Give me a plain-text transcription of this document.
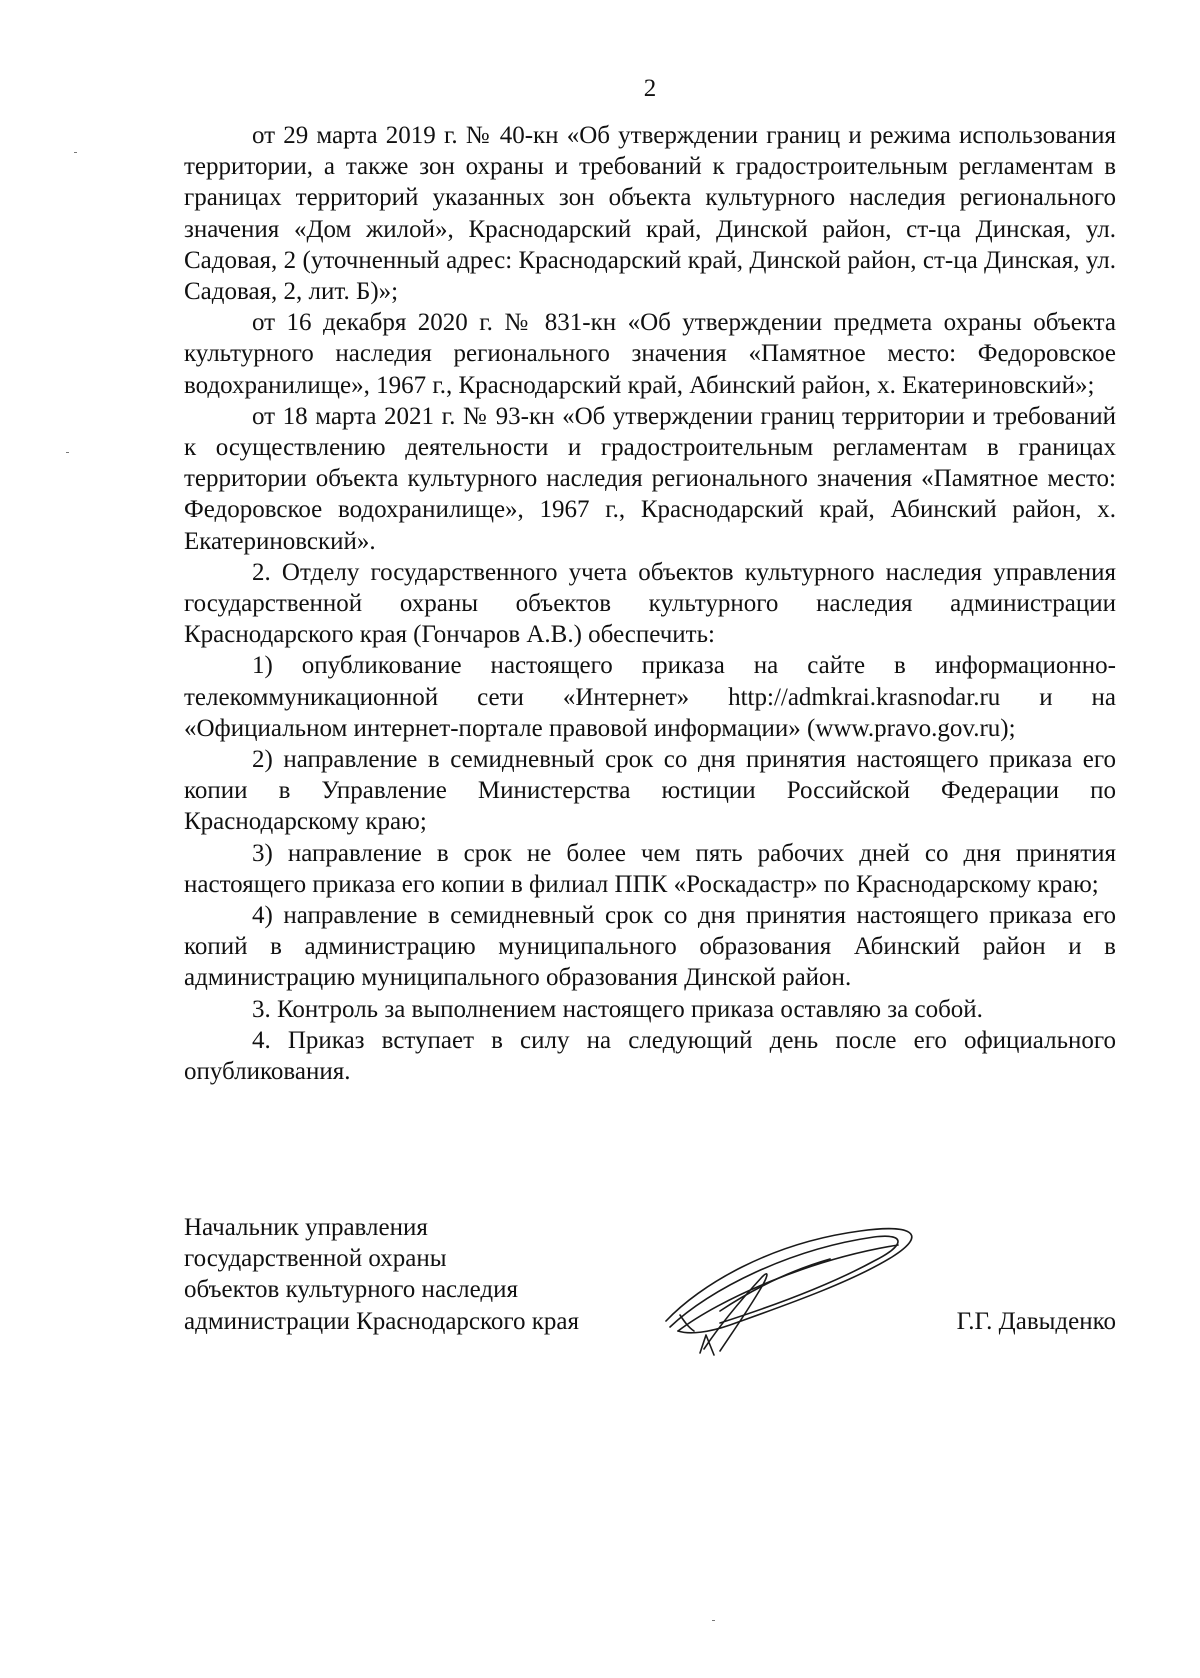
2

от 29 марта 2019 г. № 40-кн «Об утверждении границ и режима использования территории, а также зон охраны и требований к градостроительным регламентам в границах территорий указанных зон объекта культурного наследия регионального значения «Дом жилой», Краснодарский край, Динской район, ст-ца Динская, ул. Садовая, 2 (уточненный адрес: Краснодарский край, Динской район, ст-ца Динская, ул. Садовая, 2, лит. Б)»;

от 16 декабря 2020 г. № 831-кн «Об утверждении предмета охраны объекта культурного наследия регионального значения «Памятное место: Федоровское водохранилище», 1967 г., Краснодарский край, Абинский район, х. Екатериновский»;

от 18 марта 2021 г. № 93-кн «Об утверждении границ территории и требований к осуществлению деятельности и градостроительным регламентам в границах территории объекта культурного наследия регионального значения «Памятное место: Федоровское водохранилище», 1967 г., Краснодарский край, Абинский район, х. Екатериновский».

2. Отделу государственного учета объектов культурного наследия управления государственной охраны объектов культурного наследия администрации Краснодарского края (Гончаров А.В.) обеспечить:

1) опубликование настоящего приказа на сайте в информационно-телекоммуникационной сети «Интернет» http://admkrai.krasnodar.ru и на «Официальном интернет-портале правовой информации» (www.pravo.gov.ru);

2) направление в семидневный срок со дня принятия настоящего приказа его копии в Управление Министерства юстиции Российской Федерации по Краснодарскому краю;

3) направление в срок не более чем пять рабочих дней со дня принятия настоящего приказа его копии в филиал ППК «Роскадастр» по Краснодарскому краю;

4) направление в семидневный срок со дня принятия настоящего приказа его копий в администрацию муниципального образования Абинский район и в администрацию муниципального образования Динской район.

3. Контроль за выполнением настоящего приказа оставляю за собой.

4. Приказ вступает в силу на следующий день после его официального опубликования.

Начальник управления
государственной охраны
объектов культурного наследия
администрации Краснодарского края	Г.Г. Давыденко
